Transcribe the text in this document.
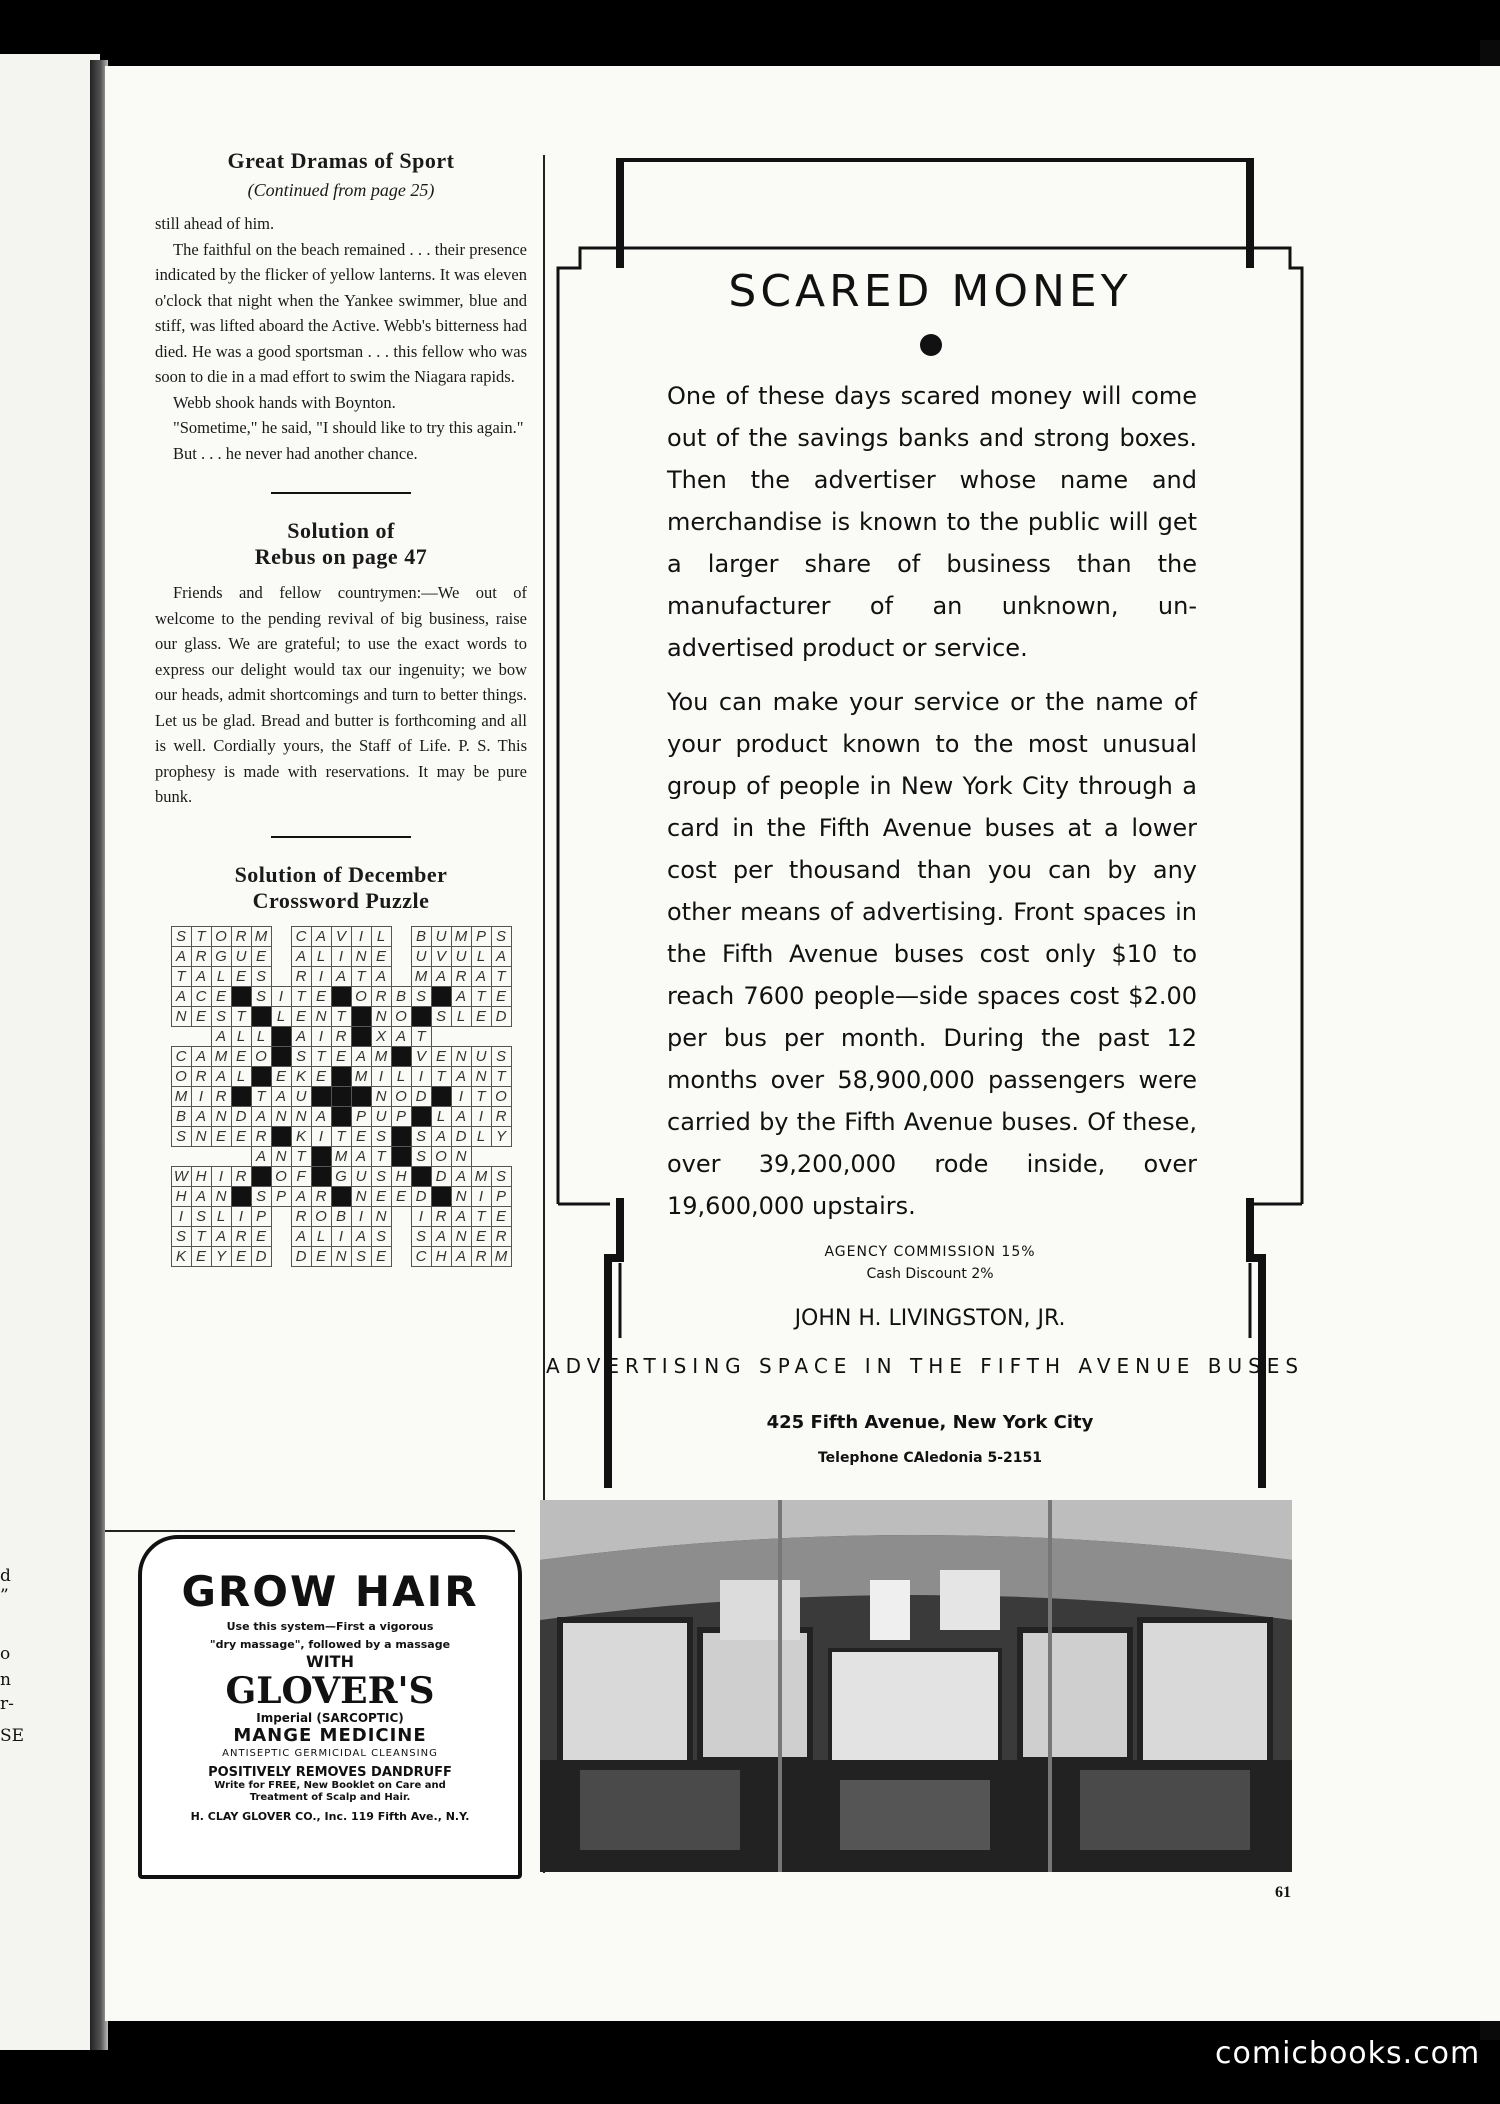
d
”
o
n
r-
SE
Great Dramas of Sport
(Continued from page 25)

still ahead of him.

The faithful on the beach remained . . . their presence indicated by the flicker of yellow lanterns. It was eleven o'clock that night when the Yankee swimmer, blue and stiff, was lifted aboard the Active. Webb's bitterness had died. He was a good sportsman . . . this fellow who was soon to die in a mad effort to swim the Niagara rapids.

Webb shook hands with Boynton.

"Sometime," he said, "I should like to try this again."

But . . . he never had another chance.

Solution of
Rebus on page 47

Friends and fellow countrymen:—We out of welcome to the pending revival of big business, raise our glass. We are grateful; to use the exact words to express our delight would tax our ingenuity; we bow our heads, admit shortcomings and turn to better things. Let us be glad. Bread and butter is forthcoming and all is well. Cordially yours, the Staff of Life. P. S. This prophesy is made with reservations. It may be pure bunk.

Solution of December
Crossword Puzzle
S	T	O	R	M		C	A	V	I	L		B	U	M	P	S
A	R	G	U	E		A	L	I	N	E		U	V	U	L	A
T	A	L	E	S		R	I	A	T	A		M	A	R	A	T
A	C	E		S	I	T	E		O	R	B	S		A	T	E
N	E	S	T		L	E	N	T		N	O		S	L	E	D
		A	L	L		A	I	R		X	A	T				
C	A	M	E	O		S	T	E	A	M		V	E	N	U	S
O	R	A	L		E	K	E		M	I	L	I	T	A	N	T
M	I	R		T	A	U				N	O	D		I	T	O
B	A	N	D	A	N	N	A		P	U	P		L	A	I	R
S	N	E	E	R		K	I	T	E	S		S	A	D	L	Y
				A	N	T		M	A	T		S	O	N		
W	H	I	R		O	F		G	U	S	H		D	A	M	S
H	A	N		S	P	A	R		N	E	E	D		N	I	P
I	S	L	I	P		R	O	B	I	N		I	R	A	T	E
S	T	A	R	E		A	L	I	A	S		S	A	N	E	R
K	E	Y	E	D		D	E	N	S	E		C	H	A	R	M
GROW HAIR
Use this system—First a vigorous
"dry massage", followed by a massage
WITH
GLOVER'S
Imperial (SARCOPTIC)
MANGE MEDICINE
ANTISEPTIC GERMICIDAL CLEANSING
POSITIVELY REMOVES DANDRUFF
Write for FREE, New Booklet on Care and
Treatment of Scalp and Hair.
H. CLAY GLOVER CO., Inc. 119 Fifth Ave., N.Y.
SCARED MONEY

One of these days scared money will come out of the savings banks and strong boxes. Then the advertiser whose name and merchandise is known to the public will get a larger share of business than the manufacturer of an unknown, un-advertised product or service.

You can make your service or the name of your product known to the most unusual group of people in New York City through a card in the Fifth Avenue buses at a lower cost per thousand than you can by any other means of advertising. Front spaces in the Fifth Avenue buses cost only $10 to reach 7600 people—side spaces cost $2.00 per bus per month. During the past 12 months over 58,900,000 passengers were carried by the Fifth Avenue buses. Of these, over 39,200,000 rode inside, over 19,600,000 upstairs.

AGENCY COMMISSION 15%
Cash Discount 2%
JOHN H. LIVINGSTON, JR.
ADVERTISING SPACE IN THE FIFTH AVENUE BUSES
425 Fifth Avenue, New York City
Telephone CAledonia 5-2151
61
comicbooks.com
